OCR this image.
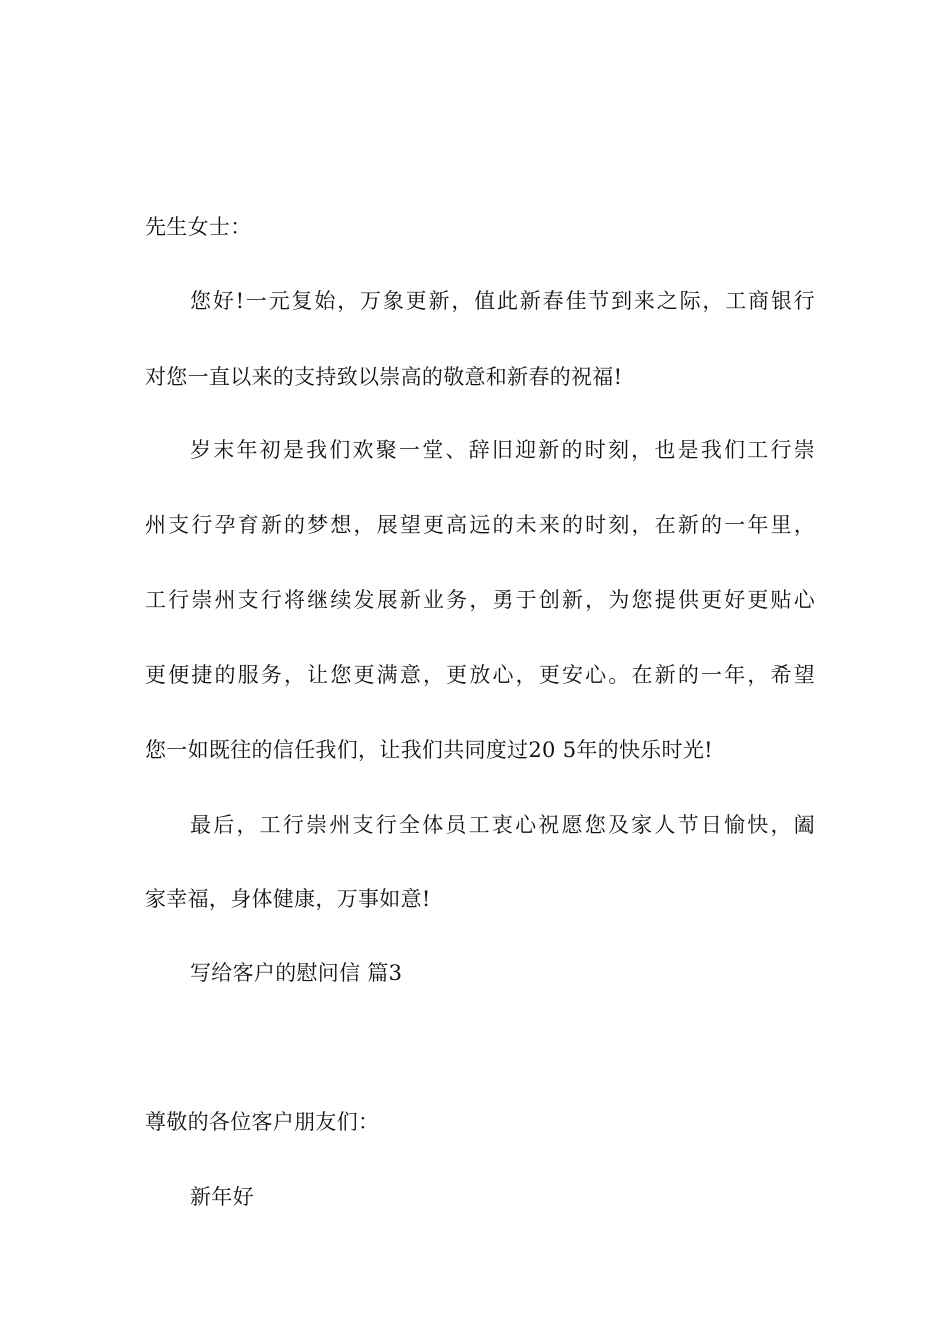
先生女士：
您好!一元复始，万象更新，值此新春佳节到来之际，工商银行
对您一直以来的支持致以崇高的敬意和新春的祝福!
岁末年初是我们欢聚一堂、辞旧迎新的时刻，也是我们工行崇
州支行孕育新的梦想，展望更高远的未来的时刻，在新的一年里，
工行崇州支行将继续发展新业务，勇于创新，为您提供更好更贴心
更便捷的服务，让您更满意，更放心，更安心。在新的一年，希望
您一如既往的信任我们，让我们共同度过20 5年的快乐时光!
最后，工行崇州支行全体员工衷心祝愿您及家人节日愉快，阖
家幸福，身体健康，万事如意!
写给客户的慰问信 篇3
尊敬的各位客户朋友们：
新年好
